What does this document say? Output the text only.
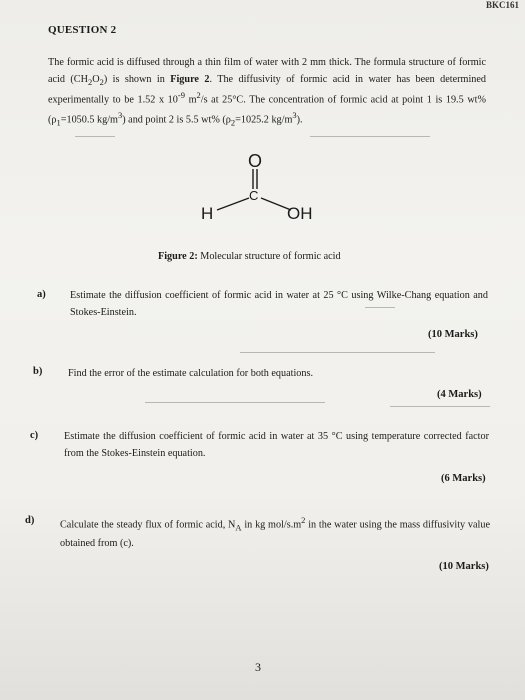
BKC161
QUESTION 2
The formic acid is diffused through a thin film of water with 2 mm thick. The formula structure of formic acid $(CH_2O_2)$ is shown in Figure 2. The diffusivity of formic acid in water has been determined experimentally to be 1.52 x $10^{-9}$ $m^2/s$ at 25°C. The concentration of formic acid at point 1 is 19.5 wt% ($\rho_1=1050.5$ $kg/m^3$) and point 2 is 5.5 wt% ($\rho_2=1025.2$ $kg/m^3$).
O
C
H	OH
Figure 2: Molecular structure of formic acid
a) Estimate the diffusion coefficient of formic acid in water at 25 °C using Wilke-Chang equation and Stokes-Einstein.
(10 Marks)
b)	Find the error of the estimate calculation for both equations.
(4 Marks)
c)	Estimate the diffusion coefficient of formic acid in water at 35 °C using temperature corrected factor from the Stokes-Einstein equation.
(6 Marks)
d)	Calculate the steady flux of formic acid, $N_A$ in kg mol/$s.m^2$ in the water using the mass diffusivity value obtained from (c).
(10 Marks)
3
